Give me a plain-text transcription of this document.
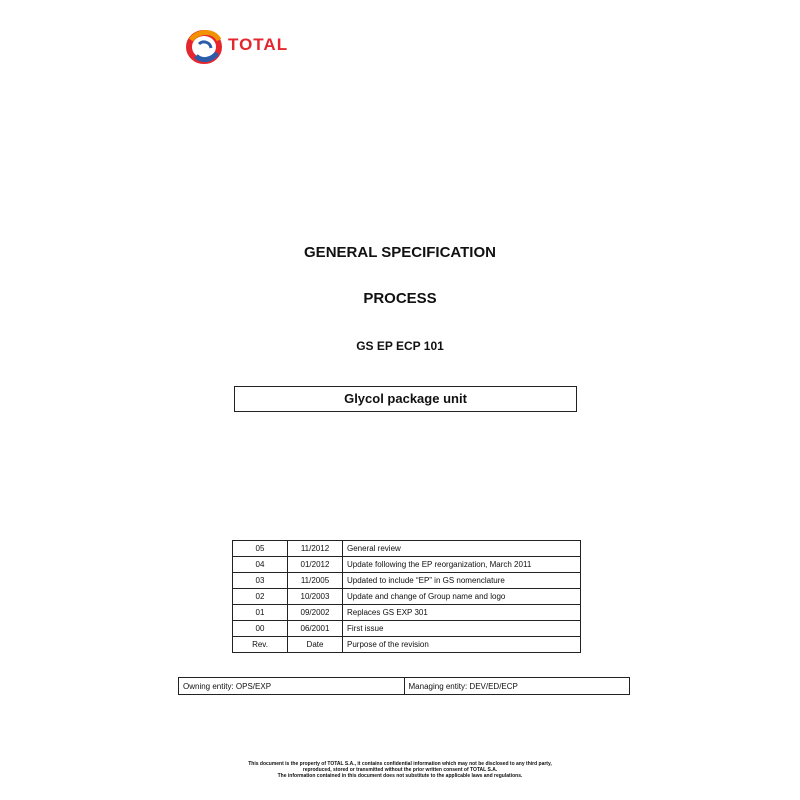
TOTAL
GENERAL SPECIFICATION
PROCESS
GS EP ECP 101
Glycol package unit
05	11/2012	General review
04	01/2012	Update following the EP reorganization, March 2011
03	11/2005	Updated to include “EP” in GS nomenclature
02	10/2003	Update and change of Group name and logo
01	09/2002	Replaces GS EXP 301
00	06/2001	First issue
Rev.	Date	Purpose of the revision
Owning entity: OPS/EXP	Managing entity: DEV/ED/ECP
This document is the property of TOTAL S.A., it contains confidential information which may not be disclosed to any third party,
reproduced, stored or transmitted without the prior written consent of TOTAL S.A.
The information contained in this document does not substitute to the applicable laws and regulations.
